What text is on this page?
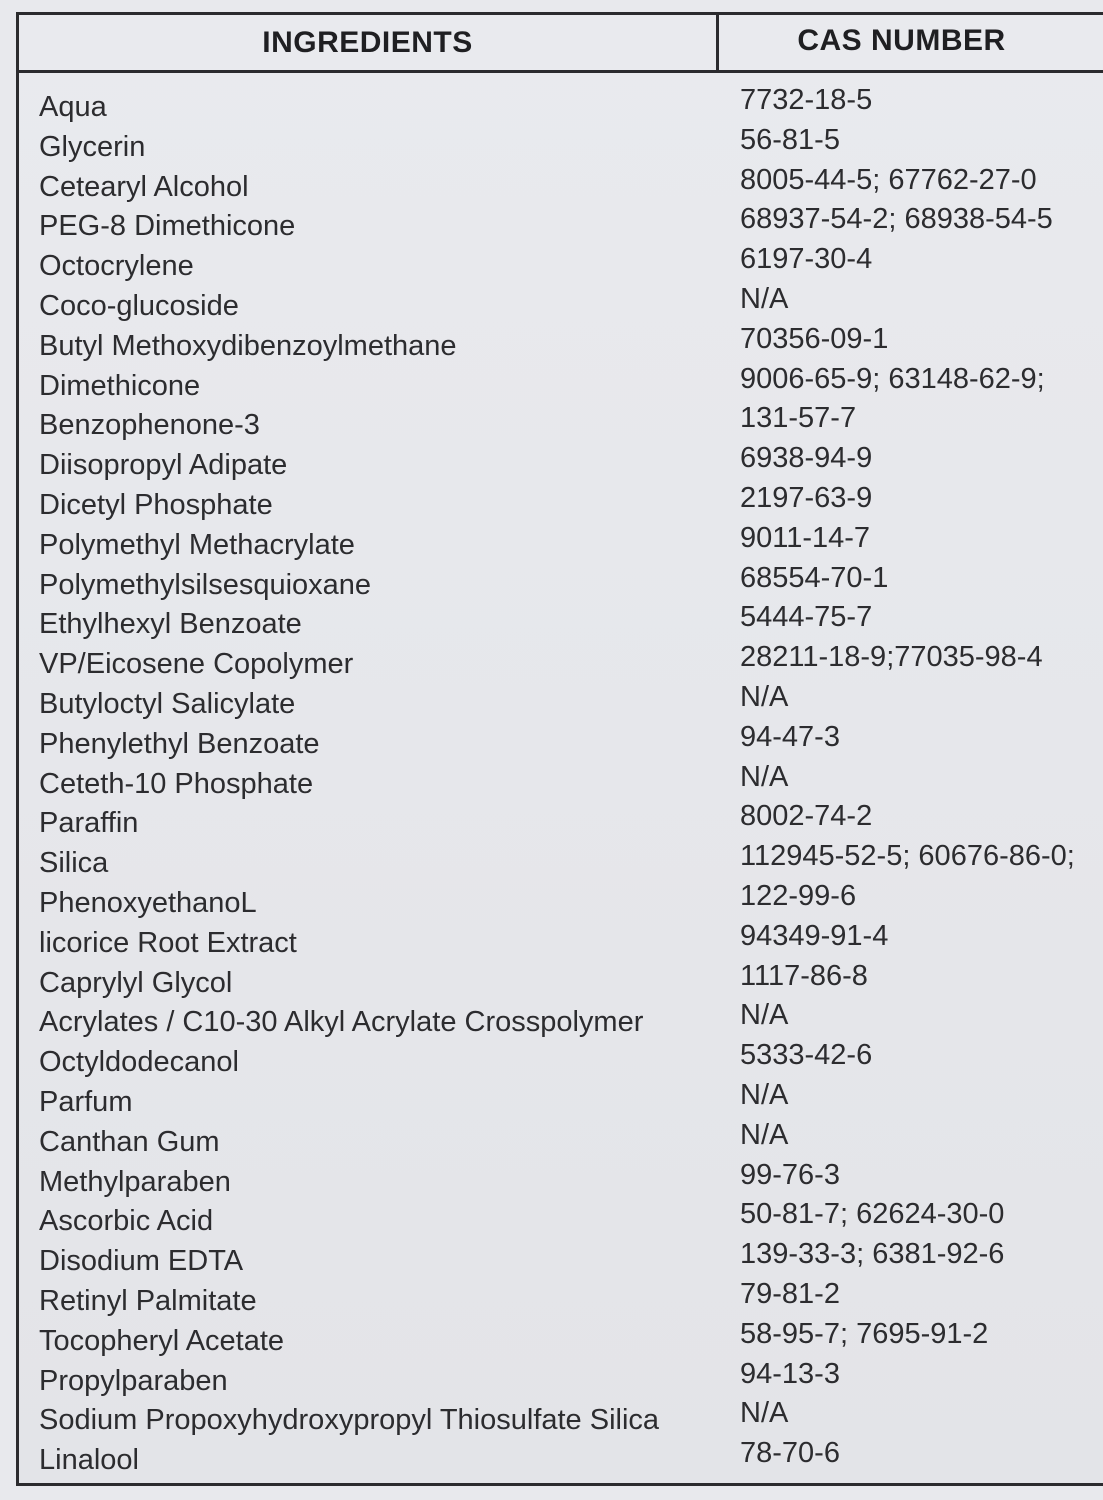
INGREDIENTS	CAS NUMBER
Aqua	7732-18-5
Glycerin	56-81-5
Cetearyl Alcohol	8005-44-5; 67762-27-0
PEG-8 Dimethicone	68937-54-2; 68938-54-5
Octocrylene	6197-30-4
Coco-glucoside	N/A
Butyl Methoxydibenzoylmethane	70356-09-1
Dimethicone	9006-65-9; 63148-62-9;
Benzophenone-3	131-57-7
Diisopropyl Adipate	6938-94-9
Dicetyl Phosphate	2197-63-9
Polymethyl Methacrylate	9011-14-7
Polymethylsilsesquioxane	68554-70-1
Ethylhexyl Benzoate	5444-75-7
VP/Eicosene Copolymer	28211-18-9;77035-98-4
Butyloctyl Salicylate	N/A
Phenylethyl Benzoate	94-47-3
Ceteth-10 Phosphate	N/A
Paraffin	8002-74-2
Silica	112945-52-5; 60676-86-0;
PhenoxyethanoL	122-99-6
licorice Root Extract	94349-91-4
Caprylyl Glycol	1117-86-8
Acrylates / C10-30 Alkyl Acrylate Crosspolymer	N/A
Octyldodecanol	5333-42-6
Parfum	N/A
Canthan Gum	N/A
Methylparaben	99-76-3
Ascorbic Acid	50-81-7; 62624-30-0
Disodium EDTA	139-33-3; 6381-92-6
Retinyl Palmitate	79-81-2
Tocopheryl Acetate	58-95-7; 7695-91-2
Propylparaben	94-13-3
Sodium Propoxyhydroxypropyl Thiosulfate Silica	N/A
Linalool	78-70-6
